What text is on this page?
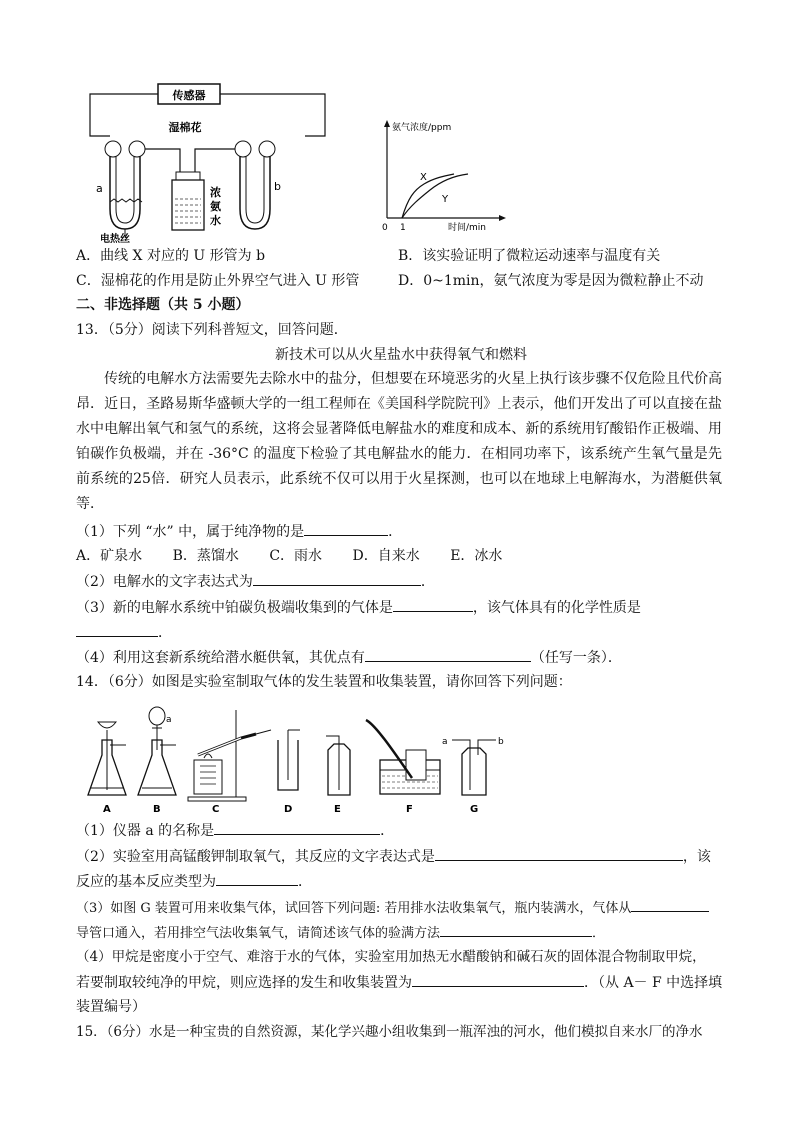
传感器
湿棉花
浓
氨
水
a	b
电热丝
氨气浓度/ppm
时间/min
0 1
X
Y
A．曲线 X 对应的 U 形管为 b	B．该实验证明了微粒运动速率与温度有关
C．湿棉花的作用是防止外界空气进入 U 形管	D．0~1min，氨气浓度为零是因为微粒静止不动
二、非选择题（共 5 小题）
13．（5分）阅读下列科普短文，回答问题．
新技术可以从火星盐水中获得氧气和燃料
传统的电解水方法需要先去除水中的盐分，但想要在环境恶劣的火星上执行该步骤不仅危险且代价高昂．近日，圣路易斯华盛顿大学的一组工程师在《美国科学院院刊》上表示，他们开发出了可以直接在盐水中电解出氧气和氢气的系统，这将会显著降低电解盐水的难度和成本、新的系统用钌酸铅作正极端、用铂碳作负极端，并在 -36°C 的温度下检验了其电解盐水的能力．在相同功率下，该系统产生氧气量是先前系统的25倍．研究人员表示，此系统不仅可以用于火星探测，也可以在地球上电解海水，为潜艇供氧等．
（1）下列 “水” 中，属于纯净物的是	．
A．矿泉水 B．蒸馏水 C．雨水 D．自来水 E．冰水
（2）电解水的文字表达式为	．
（3）新的电解水系统中铂碳负极端收集到的气体是	，该气体具有的化学性质是
．
（4）利用这套新系统给潜水艇供氧，其优点有	（任写一条）．
14．（6分）如图是实验室制取气体的发生装置和收集装置，请你回答下列问题：
A	B	C	D	E	F	G
a
a	b
（1）仪器 a 的名称是	．
（2）实验室用高锰酸钾制取氧气，其反应的文字表达式是	，该
反应的基本反应类型为	．
（3）如图 G 装置可用来收集气体，试回答下列问题: 若用排水法收集氧气，瓶内装满水，气体从
导管口通入，若用排空气法收集氧气，请简述该气体的验满方法	．
（4）甲烷是密度小于空气、难溶于水的气体，实验室用加热无水醋酸钠和碱石灰的固体混合物制取甲烷，
若要制取较纯净的甲烷，则应选择的发生和收集装置为	．（从 A－ F 中选择填
装置编号）
15．（6分）水是一种宝贵的自然资源，某化学兴趣小组收集到一瓶浑浊的河水，他们模拟自来水厂的净水
